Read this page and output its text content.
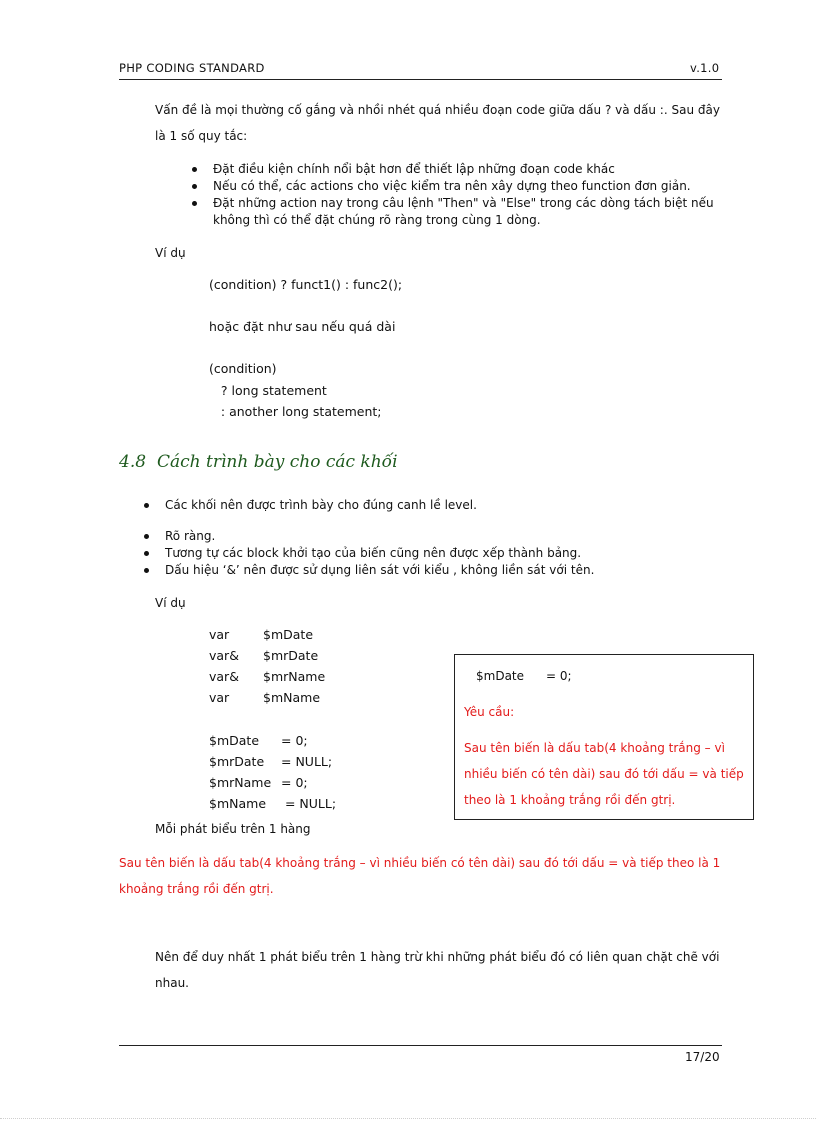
PHP CODING STANDARD	v.1.0
Vấn đề là mọi thường cố gắng và nhồi nhét quá nhiều đoạn code giữa dấu ? và dấu :. Sau đây
là 1 số quy tắc:
Đặt điều kiện chính nổi bật hơn để thiết lập những đoạn code khác
Nếu có thể, các actions cho việc kiểm tra nên xây dựng theo function đơn giản.
Đặt những action nay trong câu lệnh "Then" và "Else" trong các dòng tách biệt nếu không thì có thể đặt chúng rõ ràng trong cùng 1 dòng.
Ví dụ
(condition) ? funct1() : func2();
hoặc đặt như sau nếu quá dài
(condition)
? long statement
: another long statement;
4.8 Cách trình bày cho các khối
Các khối nên được trình bày cho đúng canh lề level.
Rõ ràng.
Tương tự các block khởi tạo của biến cũng nên được xếp thành bảng.
Dấu hiệu ‘&’ nên được sử dụng liên sát với kiểu , không liền sát với tên.
Ví dụ
var	$mDate
var& $mrDate
var& $mrName
var	$mName
$mDate = 0;
$mrDate = NULL;
$mrName = 0;
$mName = NULL;
Mỗi phát biểu trên 1 hàng
$mDate = 0;
Yêu cầu:
Sau tên biến là dấu tab(4 khoảng trắng – vì nhiều biến có tên dài) sau đó tới dấu = và tiếp theo là 1 khoảng trắng rồi đến gtrị.
Sau tên biến là dấu tab(4 khoảng trắng – vì nhiều biến có tên dài) sau đó tới dấu = và tiếp theo là 1
khoảng trắng rồi đến gtrị.
Nên để duy nhất 1 phát biểu trên 1 hàng trừ khi những phát biểu đó có liên quan chặt chẽ với
nhau.
17/20
